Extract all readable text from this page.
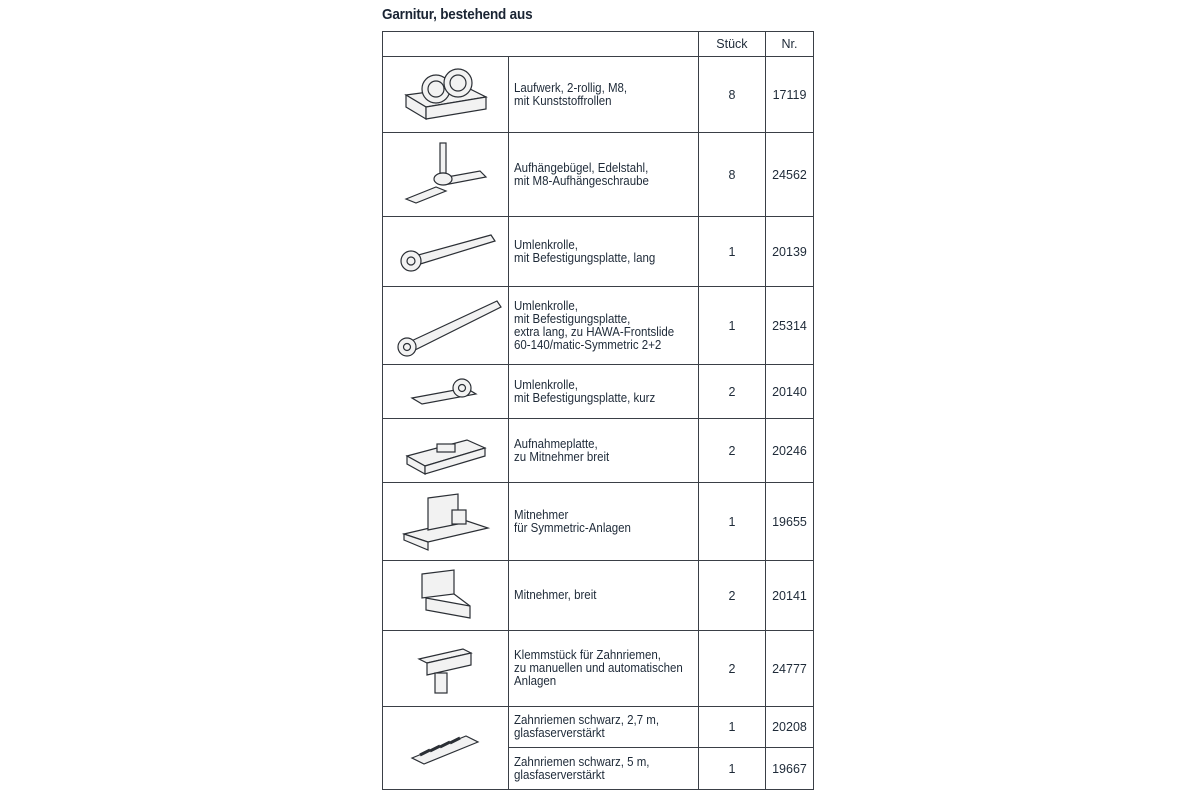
Garnitur, bestehend aus
		Stück	Nr.

Laufwerk, 2-rollig, M8,
mit Kunststoffrollen	8	17119

Aufhängebügel, Edelstahl,
mit M8-Aufhängeschraube	8	24562

Umlenkrolle,
mit Befestigungsplatte, lang	1	20139

Umlenkrolle,
mit Befestigungsplatte,
extra lang, zu HAWA-Frontslide
60-140/matic-Symmetric 2+2	1	25314

Umlenkrolle,
mit Befestigungsplatte, kurz	2	20140

Aufnahmeplatte,
zu Mitnehmer breit	2	20246

Mitnehmer
für Symmetric-Anlagen	1	19655

Mitnehmer, breit	2	20141

Klemmstück für Zahnriemen,
zu manuellen und automatischen
Anlagen	2	24777

Zahnriemen schwarz, 2,7 m,
glasfaserverstärkt	1	20208

	Zahnriemen schwarz, 5 m,
glasfaserverstärkt	1	19667
